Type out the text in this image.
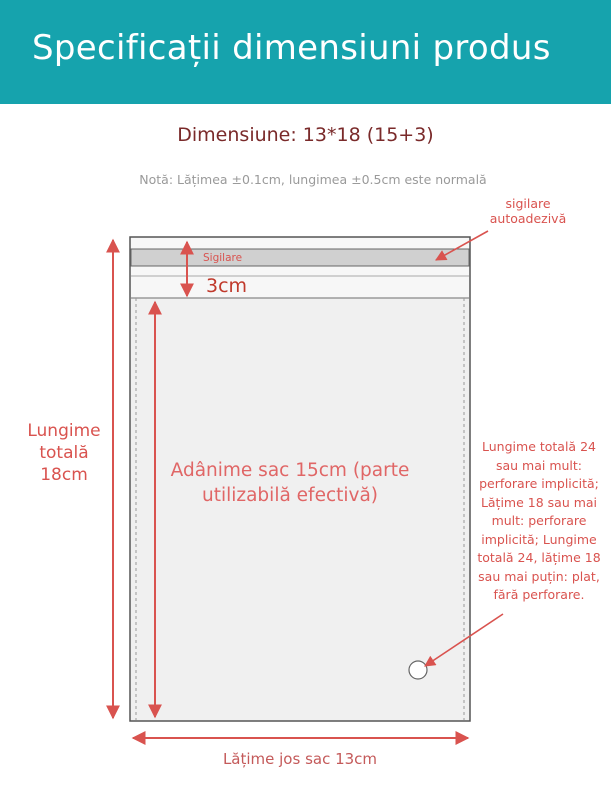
Specificații dimensiuni produs
Dimensiune: 13*18 (15+3)
Notă: Lățimea ±0.1cm, lungimea ±0.5cm este normală
sigilare autoadezivă
Sigilare
3cm
Lungime totală 18cm	Adânime sac 15cm (parte utilizabilă efectivă)
Lungime totală 24 sau mai mult: perforare implicită; Lățime 18 sau mai mult: perforare implicită; Lungime totală 24, lățime 18 sau mai puțin: plat, fără perforare.
Lățime jos sac 13cm
